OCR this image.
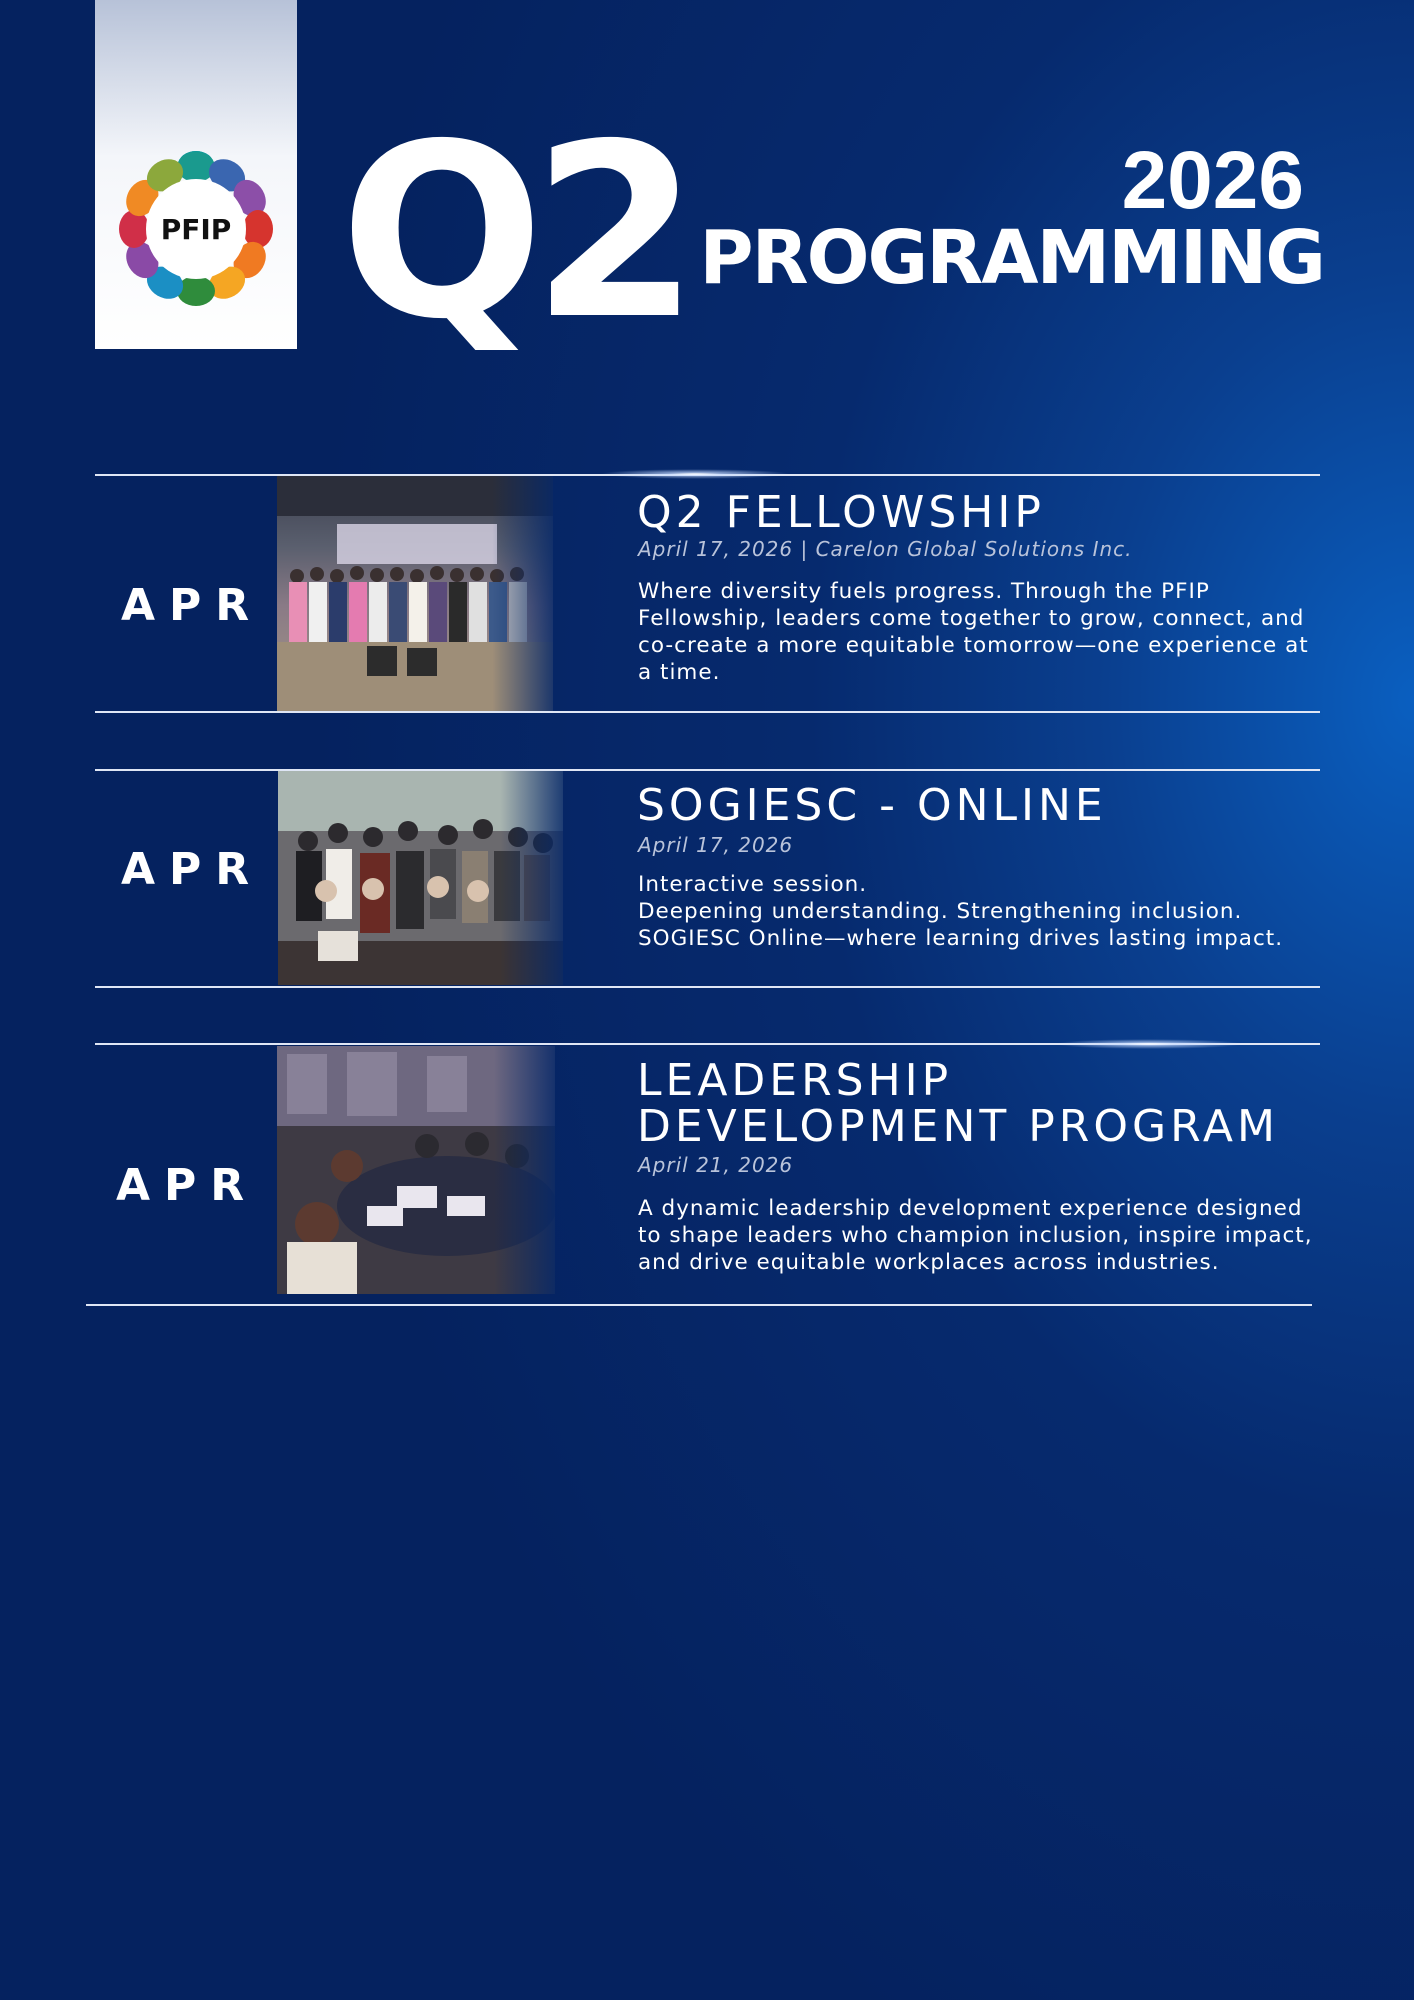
PFIP Q2	2026
PROGRAMMING
APR
Q2 FELLOWSHIP
April 17, 2026 | Carelon Global Solutions Inc.

Where diversity fuels progress. Through the PFIP Fellowship, leaders come together to grow, connect, and co-create a more equitable tomorrow—one experience at a time.

APR
SOGIESC - ONLINE
April 17, 2026

Interactive session.
Deepening understanding. Strengthening inclusion.
SOGIESC Online—where learning drives lasting impact.

APR
LEADERSHIP DEVELOPMENT PROGRAM
April 21, 2026

A dynamic leadership development experience designed to shape leaders who champion inclusion, inspire impact, and drive equitable workplaces across industries.
